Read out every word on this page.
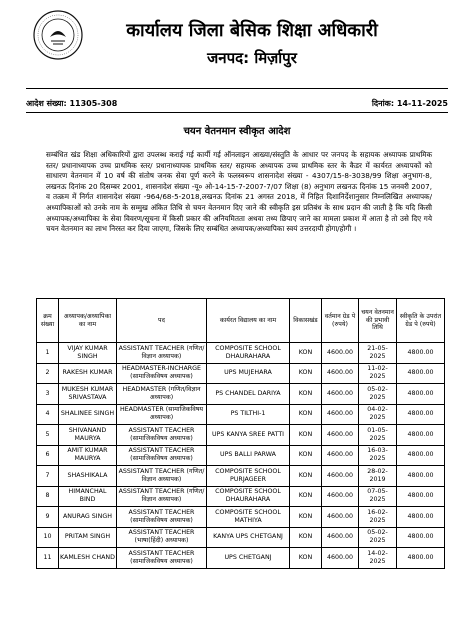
कार्यालय जिला बेसिक शिक्षा अधिकारी
जनपद: मिर्ज़ापुर
आदेश संख्या: 11305-308	दिनांक: 14-11-2025
चयन वेतनमान स्वीकृत आदेश
सम्बंधित खंड शिक्षा अधिकारियों द्वारा उपलब्ध कराई गई कार्यी गई ऑनलाइन आख्या/संस्तुति के आधार पर जनपद के सहायक अध्यापक प्राथमिक स्तर/ प्रधानाध्यापक उच्च प्राथमिक स्तर/ प्रधानाध्यापक प्राथमिक स्तर/ सहायक अध्यापक उच्च प्राथमिक स्तर के कैडर में कार्यरत अध्यापकों को साधारण वेतनमान में 10 वर्ष की संतोष जनक सेवा पूर्ण करने के फलस्वरूप शासनादेश संख्या - 4307/15-8-3038/99 शिक्षा अनुभाग-8, लखनऊ दिनांक 20 दिसम्बर 2001, शासनादेश संख्या -यू० ओ-14-15-7-2007-7/07 शिक्षा (8) अनुभाग लखनऊ दिनांक 15 जनवरी 2007, व तत्क्रम में निर्गत शासनादेश संख्या -964/68-5-2018,लखनऊ दिनांक 21 अगस्त 2018, में निहित दिशानिर्देशानुसार निम्नलिखित अध्यापक/अध्यापिकाओं को उनके नाम के सम्मुख अंकित तिथि से चयन वेतनमान दिए जाने की स्वीकृति इस प्रतिबंध के साथ प्रदान की जाती है कि यदि किसी अध्यापक/अध्यापिका के सेवा विवरण/सूचना में किसी प्रकार की अनियमितता अथवा तथ्य छिपाए जाने का मामला प्रकाश में आता है तो उसे दिए गये चयन वेतनमान का लाभ निरस्त कर दिया जाएगा, जिसके लिए सम्बंधित अध्यापक/अध्यापिका स्वयं उत्तरदायी होगा/होगी ।
क्रम संख्या	अध्यापक/अध्यापिका का नाम	पद	कार्यरत विद्यालय का नाम	विकासखंड	वर्तमान ग्रेड पे (रुपये)	चयन वेतनमान की प्रभावी तिथि	स्वीकृति के उपरांत ग्रेड पे (रुपये)
1	VIJAY KUMAR SINGH	ASSISTANT TEACHER (गणित/विज्ञान अध्यापक)	COMPOSITE SCHOOL DHAURAHARA	KON	4600.00	21-05-2025	4800.00
2	RAKESH KUMAR	HEADMASTER-INCHARGE (सामाजिकविषय अध्यापक)	UPS MUJEHARA	KON	4600.00	11-02-2025	4800.00
3	MUKESH KUMAR SRIVASTAVA	HEADMASTER (गणित/विज्ञान अध्यापक)	PS CHANDEL DARIYA	KON	4600.00	05-02-2025	4800.00
4	SHALINEE SINGH	HEADMASTER (सामाजिकविषय अध्यापक)	PS TILTHI-1	KON	4600.00	04-02-2025	4800.00
5	SHIVANAND MAURYA	ASSISTANT TEACHER (सामाजिकविषय अध्यापक)	UPS KANYA SREE PATTI	KON	4600.00	01-05-2025	4800.00
6	AMIT KUMAR MAURYA	ASSISTANT TEACHER (सामाजिकविषय अध्यापक)	UPS BALLI PARWA	KON	4600.00	16-03-2025	4800.00
7	SHASHIKALA	ASSISTANT TEACHER (गणित/विज्ञान अध्यापक)	COMPOSITE SCHOOL PURJAGEER	KON	4600.00	28-02-2019	4800.00
8	HIMANCHAL BIND	ASSISTANT TEACHER (गणित/विज्ञान अध्यापक)	COMPOSITE SCHOOL DHAURAHARA	KON	4600.00	07-05-2025	4800.00
9	ANURAG SINGH	ASSISTANT TEACHER (सामाजिकविषय अध्यापक)	COMPOSITE SCHOOL MATHIYA	KON	4600.00	16-02-2025	4800.00
10	PRITAM SINGH	ASSISTANT TEACHER (भाषा(हिंदी) अध्यापक)	KANYA UPS CHETGANJ	KON	4600.00	05-02-2025	4800.00
11	KAMLESH CHAND	ASSISTANT TEACHER (सामाजिकविषय अध्यापक)	UPS CHETGANJ	KON	4600.00	14-02-2025	4800.00
